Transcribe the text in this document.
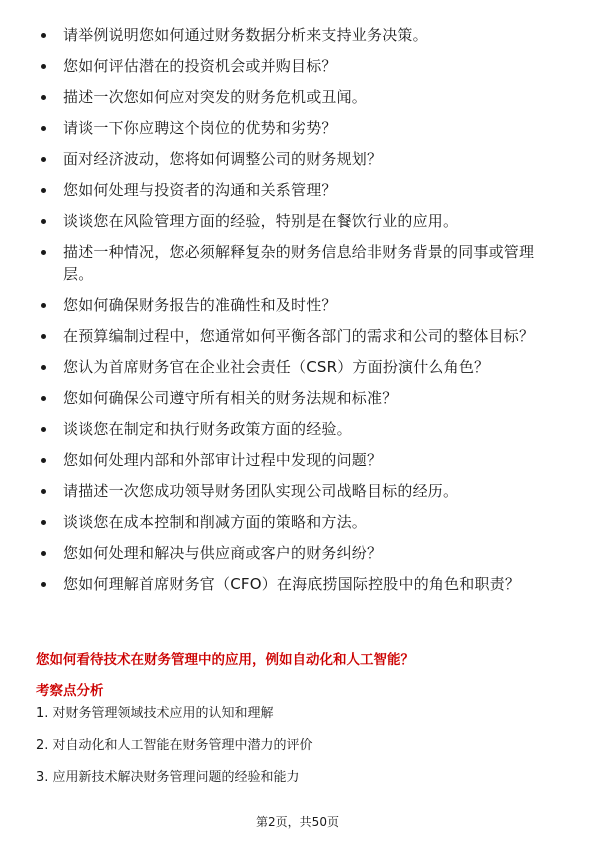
请举例说明您如何通过财务数据分析来支持业务决策。
您如何评估潜在的投资机会或并购目标？
描述一次您如何应对突发的财务危机或丑闻。
请谈一下你应聘这个岗位的优势和劣势？
面对经济波动，您将如何调整公司的财务规划？
您如何处理与投资者的沟通和关系管理？
谈谈您在风险管理方面的经验，特别是在餐饮行业的应用。
描述一种情况，您必须解释复杂的财务信息给非财务背景的同事或管理层。
您如何确保财务报告的准确性和及时性？
在预算编制过程中，您通常如何平衡各部门的需求和公司的整体目标？
您认为首席财务官在企业社会责任（CSR）方面扮演什么角色？
您如何确保公司遵守所有相关的财务法规和标准？
谈谈您在制定和执行财务政策方面的经验。
您如何处理内部和外部审计过程中发现的问题？
请描述一次您成功领导财务团队实现公司战略目标的经历。
谈谈您在成本控制和削减方面的策略和方法。
您如何处理和解决与供应商或客户的财务纠纷？
您如何理解首席财务官（CFO）在海底捞国际控股中的角色和职责？
您如何看待技术在财务管理中的应用，例如自动化和人工智能？
考察点分析
1. 对财务管理领域技术应用的认知和理解
2. 对自动化和人工智能在财务管理中潜力的评价
3. 应用新技术解决财务管理问题的经验和能力
第2页，共50页
